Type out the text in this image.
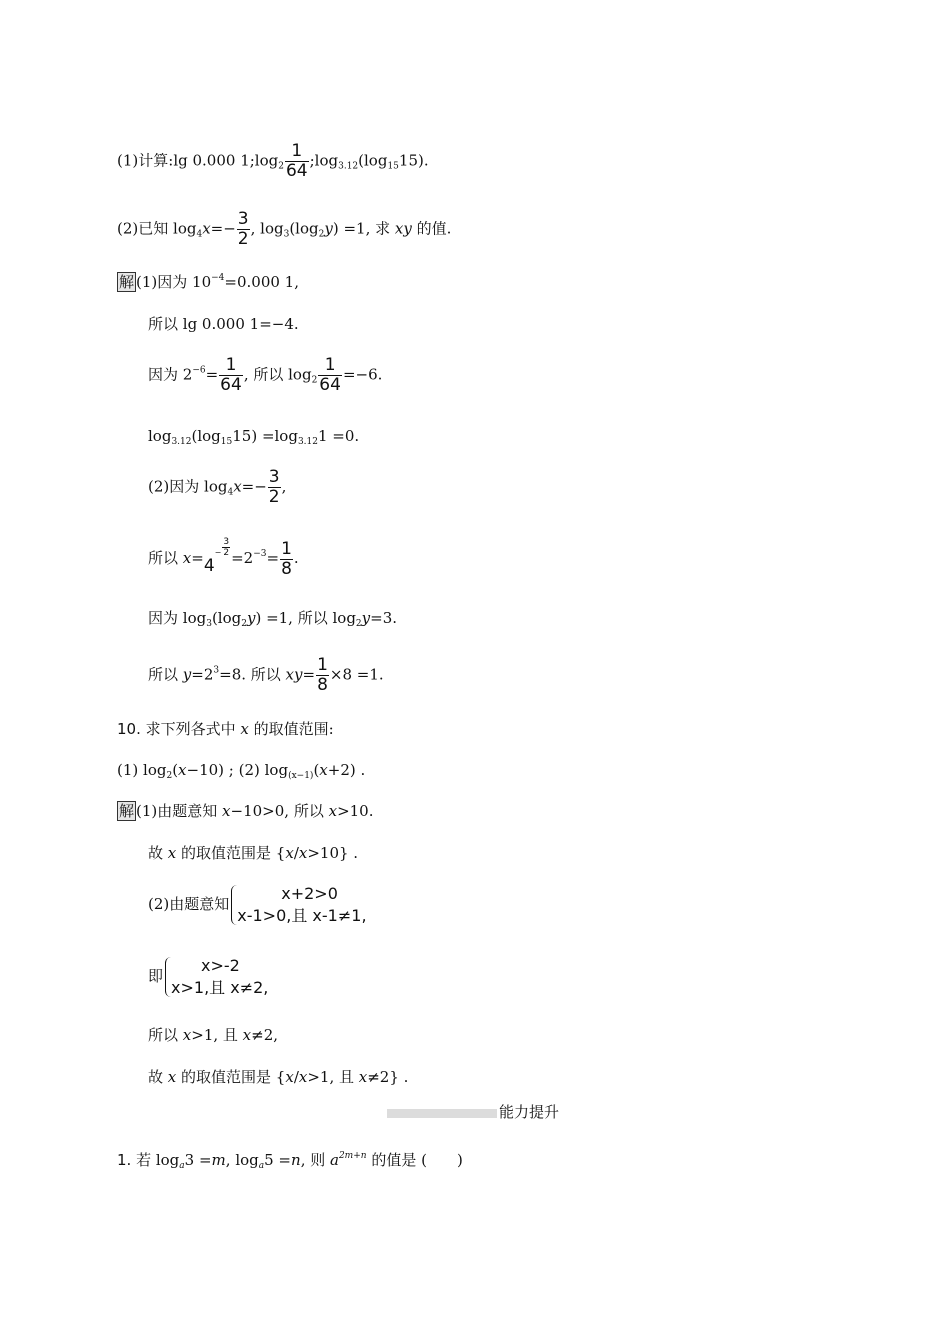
(1)计算:lg 0.000 $1;\log_2 \frac{1}{64}$ $;\log_{3.12}(\log_{15}15)$.
(2)已知 $\log_4x=- \frac{3}{2}$ , $\log_3(\log_2y) =1$, 求 xy 的值.
解 (1)因为 $10^{-4}=0.000$ 1,
所以 lg 0.000 1=−4.
因为 $2^{-6}= \frac{1}{64}$ , 所以 $\log_2 \frac{1}{64} =-6$.
$\log_{3.12}(\log_{15}15) =\log_{3.12}1 =0$.
(2)因为 $\log_4x=- \frac{3}{2}$ ,
所以 $x=4^- \frac{3}{2} =2^{-3}= \frac{1}{8}$ .
因为 $\log_3(\log_2y) =1$, 所以 $\log_2y=3$.
所以 $y=2^3=8$. 所以 $xy= \frac{1}{8} \times 8 =1$.
10. 求下列各式中 x 的取值范围:
(1) $\log_2(x-10)$ ; (2) $\log_{(x-1)}(x+2)$ .
解 (1)由题意知 x−10>0, 所以 x>10.
故 x 的取值范围是 {x/x>10} .
(2)由题意知
x+2>0
x-1>0,且 x-1≠1,
即
x>-2
x>1,且 x≠2,
所以 x>1, 且 x≠2,
故 x 的取值范围是 {x/x>1, 且 x≠2} .
能力提升
1. 若 $\log_a3 =m$, $\log_a5 =n$, 则 $a^{2m+n}$ 的值是 (　　)
